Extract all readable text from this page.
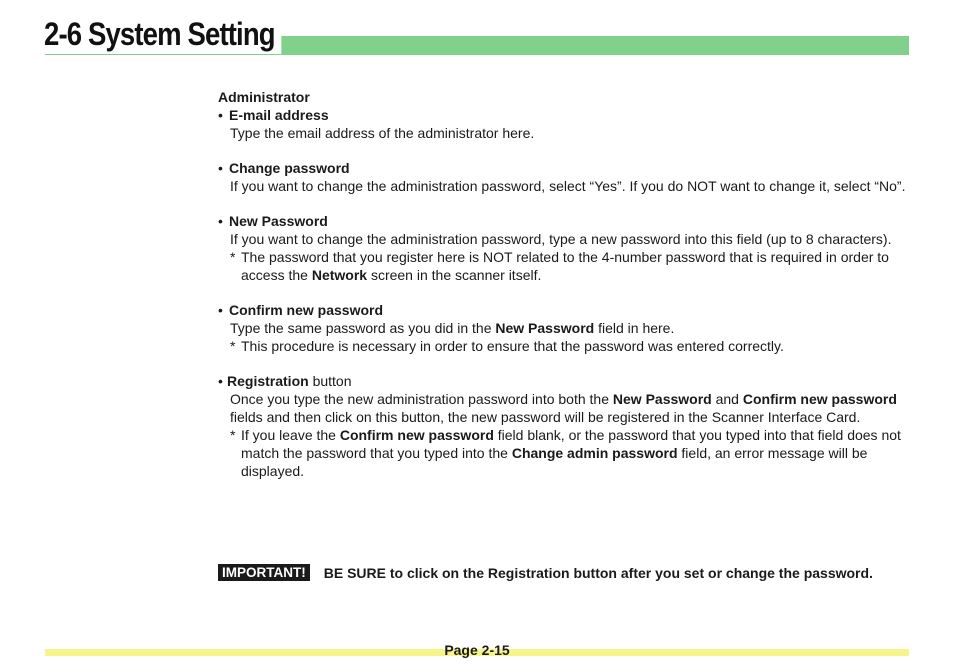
2-6 System Setting

Administrator

• E-mail address

Type the email address of the administrator here.

• Change password

If you want to change the administration password, select “Yes”. If you do NOT want to change it, select “No”.

• New Password

If you want to change the administration password, type a new password into this field (up to 8 characters).

* The password that you register here is NOT related to the 4-number password that is required in order to access the Network screen in the scanner itself.

• Confirm new password

Type the same password as you did in the New Password field in here.

* This procedure is necessary in order to ensure that the password was entered correctly.

• Registration button

Once you type the new administration password into both the New Password and Confirm new password fields and then click on this button, the new password will be registered in the Scanner Interface Card.

* If you leave the Confirm new password field blank, or the password that you typed into that field does not match the password that you typed into the Change admin password field, an error message will be displayed.
IMPORTANT! BE SURE to click on the Registration button after you set or change the password.
Page 2-15
